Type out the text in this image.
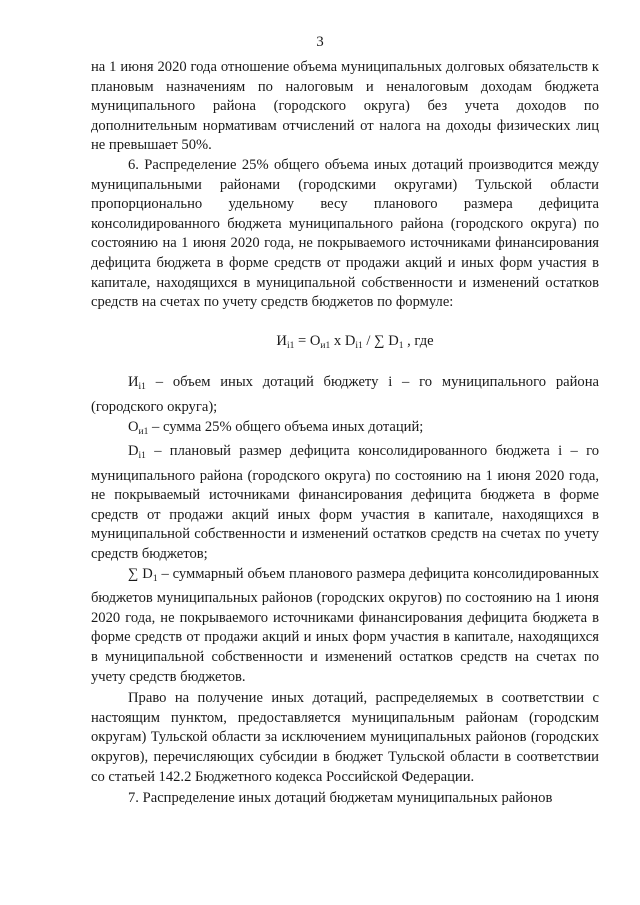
3

на 1 июня 2020 года отношение объема муниципальных долговых обязательств к плановым назначениям по налоговым и неналоговым доходам бюджета муниципального района (городского округа) без учета доходов по дополнительным нормативам отчислений от налога на доходы физических лиц не превышает 50%.

6. Распределение 25% общего объема иных дотаций производится между муниципальными районами (городскими округами) Тульской области пропорционально удельному весу планового размера дефицита консолидированного бюджета муниципального района (городского округа) по состоянию на 1 июня 2020 года, не покрываемого источниками финансирования дефицита бюджета в форме средств от продажи акций и иных форм участия в капитале, находящихся в муниципальной собственности и изменений остатков средств на счетах по учету средств бюджетов по формуле:

$И_{i1} = О_{и1}$ x $D_{i1}$ / ∑ $D_1$ , где

$И_{i1}$ – объем иных дотаций бюджету i – го муниципального района (городского округа);

$О_{и1}$ – сумма 25% общего объема иных дотаций;

$D_{i1}$ – плановый размер дефицита консолидированного бюджета i – го муниципального района (городского округа) по состоянию на 1 июня 2020 года, не покрываемый источниками финансирования дефицита бюджета в форме средств от продажи акций иных форм участия в капитале, находящихся в муниципальной собственности и изменений остатков средств на счетах по учету средств бюджетов;

∑ $D_1$ – суммарный объем планового размера дефицита консолидированных бюджетов муниципальных районов (городских округов) по состоянию на 1 июня 2020 года, не покрываемого источниками финансирования дефицита бюджета в форме средств от продажи акций и иных форм участия в капитале, находящихся в муниципальной собственности и изменений остатков средств на счетах по учету средств бюджетов.

Право на получение иных дотаций, распределяемых в соответствии с настоящим пунктом, предоставляется муниципальным районам (городским округам) Тульской области за исключением муниципальных районов (городских округов), перечисляющих субсидии в бюджет Тульской области в соответствии со статьей 142.2 Бюджетного кодекса Российской Федерации.

7. Распределение иных дотаций бюджетам муниципальных районов
